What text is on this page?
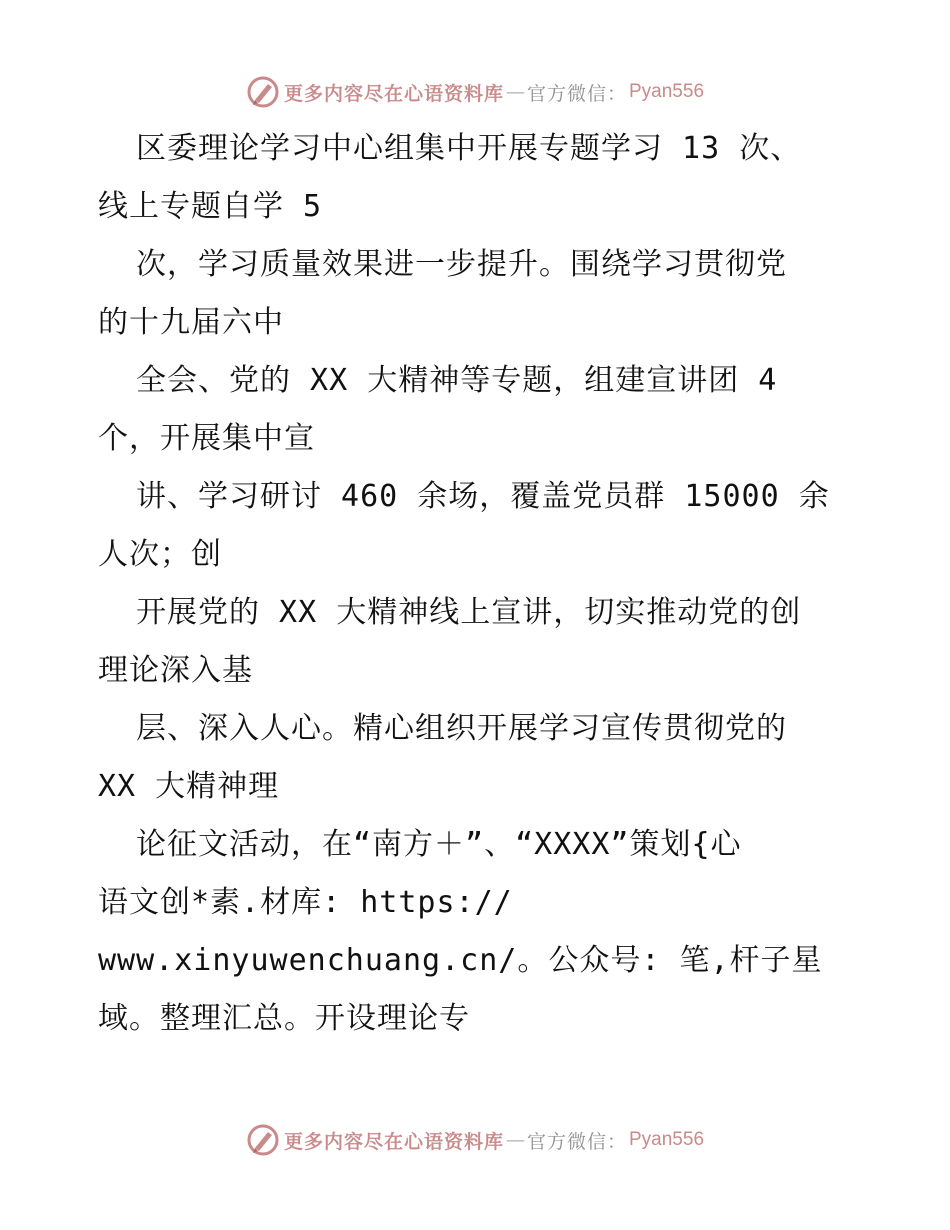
更多内容尽在心语资料库 — 官方微信： Pyan556
区委理论学习中心组集中开展专题学习 13 次、
线上专题自学 5
次，学习质量效果进一步提升。围绕学习贯彻党
的十九届六中
全会、党的 XX 大精神等专题，组建宣讲团 4
个，开展集中宣
讲、学习研讨 460 余场，覆盖党员群 15000 余
人次；创
开展党的 XX 大精神线上宣讲，切实推动党的创
理论深入基
层、深入人心。精心组织开展学习宣传贯彻党的
XX 大精神理
论征文活动，在“南方＋”、“XXXX”策划{心
语文创*素.材库: https://
www.xinyuwenchuang.cn/。公众号: 笔,杆子星
域。整理汇总。开设理论专
更多内容尽在心语资料库 — 官方微信： Pyan556
